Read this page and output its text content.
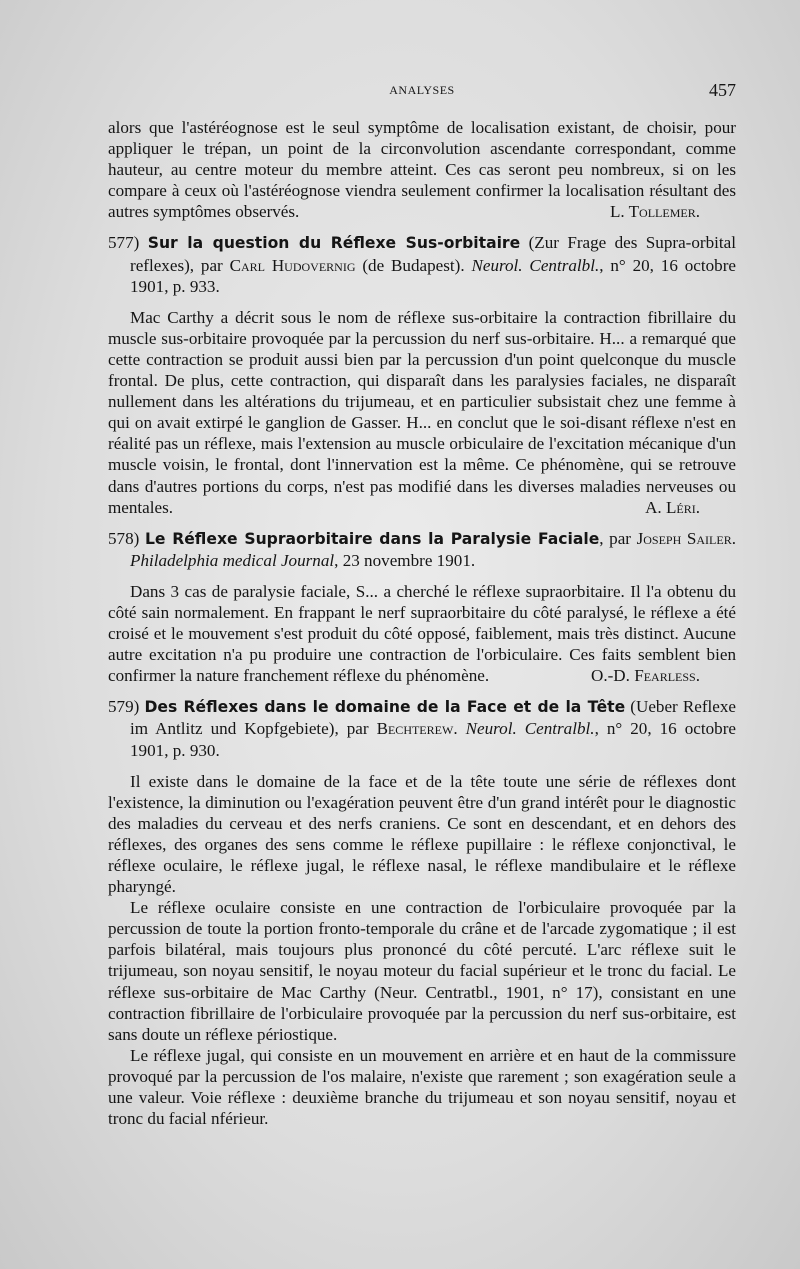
ANALYSES	457

alors que l'astéréognose est le seul symptôme de localisation existant, de choisir, pour appliquer le trépan, un point de la circonvolution ascendante correspondant, comme hauteur, au centre moteur du membre atteint. Ces cas seront peu nombreux, si on les compare à ceux où l'astéréognose viendra seulement confirmer la localisation résultant des autres symptômes observés.	L. Tollemer.

577) Sur la question du Réflexe Sus-orbitaire (Zur Frage des Supra-orbital reflexes), par Carl Hudovernig (de Budapest). Neurol. Centralbl., n° 20, 16 octobre 1901, p. 933.

Mac Carthy a décrit sous le nom de réflexe sus-orbitaire la contraction fibrillaire du muscle sus-orbitaire provoquée par la percussion du nerf sus-orbitaire. H... a remarqué que cette contraction se produit aussi bien par la percussion d'un point quelconque du muscle frontal. De plus, cette contraction, qui disparaît dans les paralysies faciales, ne disparaît nullement dans les altérations du trijumeau, et en particulier subsistait chez une femme à qui on avait extirpé le ganglion de Gasser. H... en conclut que le soi-disant réflexe n'est en réalité pas un réflexe, mais l'extension au muscle orbiculaire de l'excitation mécanique d'un muscle voisin, le frontal, dont l'innervation est la même. Ce phénomène, qui se retrouve dans d'autres portions du corps, n'est pas modifié dans les diverses maladies nerveuses ou mentales.	A. Léri.

578) Le Réflexe Supraorbitaire dans la Paralysie Faciale, par Joseph Sailer. Philadelphia medical Journal, 23 novembre 1901.

Dans 3 cas de paralysie faciale, S... a cherché le réflexe supraorbitaire. Il l'a obtenu du côté sain normalement. En frappant le nerf supraorbitaire du côté paralysé, le réflexe a été croisé et le mouvement s'est produit du côté opposé, faiblement, mais très distinct. Aucune autre excitation n'a pu produire une contraction de l'orbiculaire. Ces faits semblent bien confirmer la nature franchement réflexe du phénomène.	O.-D. Fearless.

579) Des Réflexes dans le domaine de la Face et de la Tête (Ueber Reflexe im Antlitz und Kopfgebiete), par Bechterew. Neurol. Centralbl., n° 20, 16 octobre 1901, p. 930.

Il existe dans le domaine de la face et de la tête toute une série de réflexes dont l'existence, la diminution ou l'exagération peuvent être d'un grand intérêt pour le diagnostic des maladies du cerveau et des nerfs craniens. Ce sont en descendant, et en dehors des réflexes, des organes des sens comme le réflexe pupillaire : le réflexe conjonctival, le réflexe oculaire, le réflexe jugal, le réflexe nasal, le réflexe mandibulaire et le réflexe pharyngé.

Le réflexe oculaire consiste en une contraction de l'orbiculaire provoquée par la percussion de toute la portion fronto-temporale du crâne et de l'arcade zygomatique ; il est parfois bilatéral, mais toujours plus prononcé du côté percuté. L'arc réflexe suit le trijumeau, son noyau sensitif, le noyau moteur du facial supérieur et le tronc du facial. Le réflexe sus-orbitaire de Mac Carthy (Neur. Centratbl., 1901, n° 17), consistant en une contraction fibrillaire de l'orbiculaire provoquée par la percussion du nerf sus-orbitaire, est sans doute un réflexe périostique.

Le réflexe jugal, qui consiste en un mouvement en arrière et en haut de la commissure provoqué par la percussion de l'os malaire, n'existe que rarement ; son exagération seule a une valeur. Voie réflexe : deuxième branche du trijumeau et son noyau sensitif, noyau et tronc du facial nférieur.
